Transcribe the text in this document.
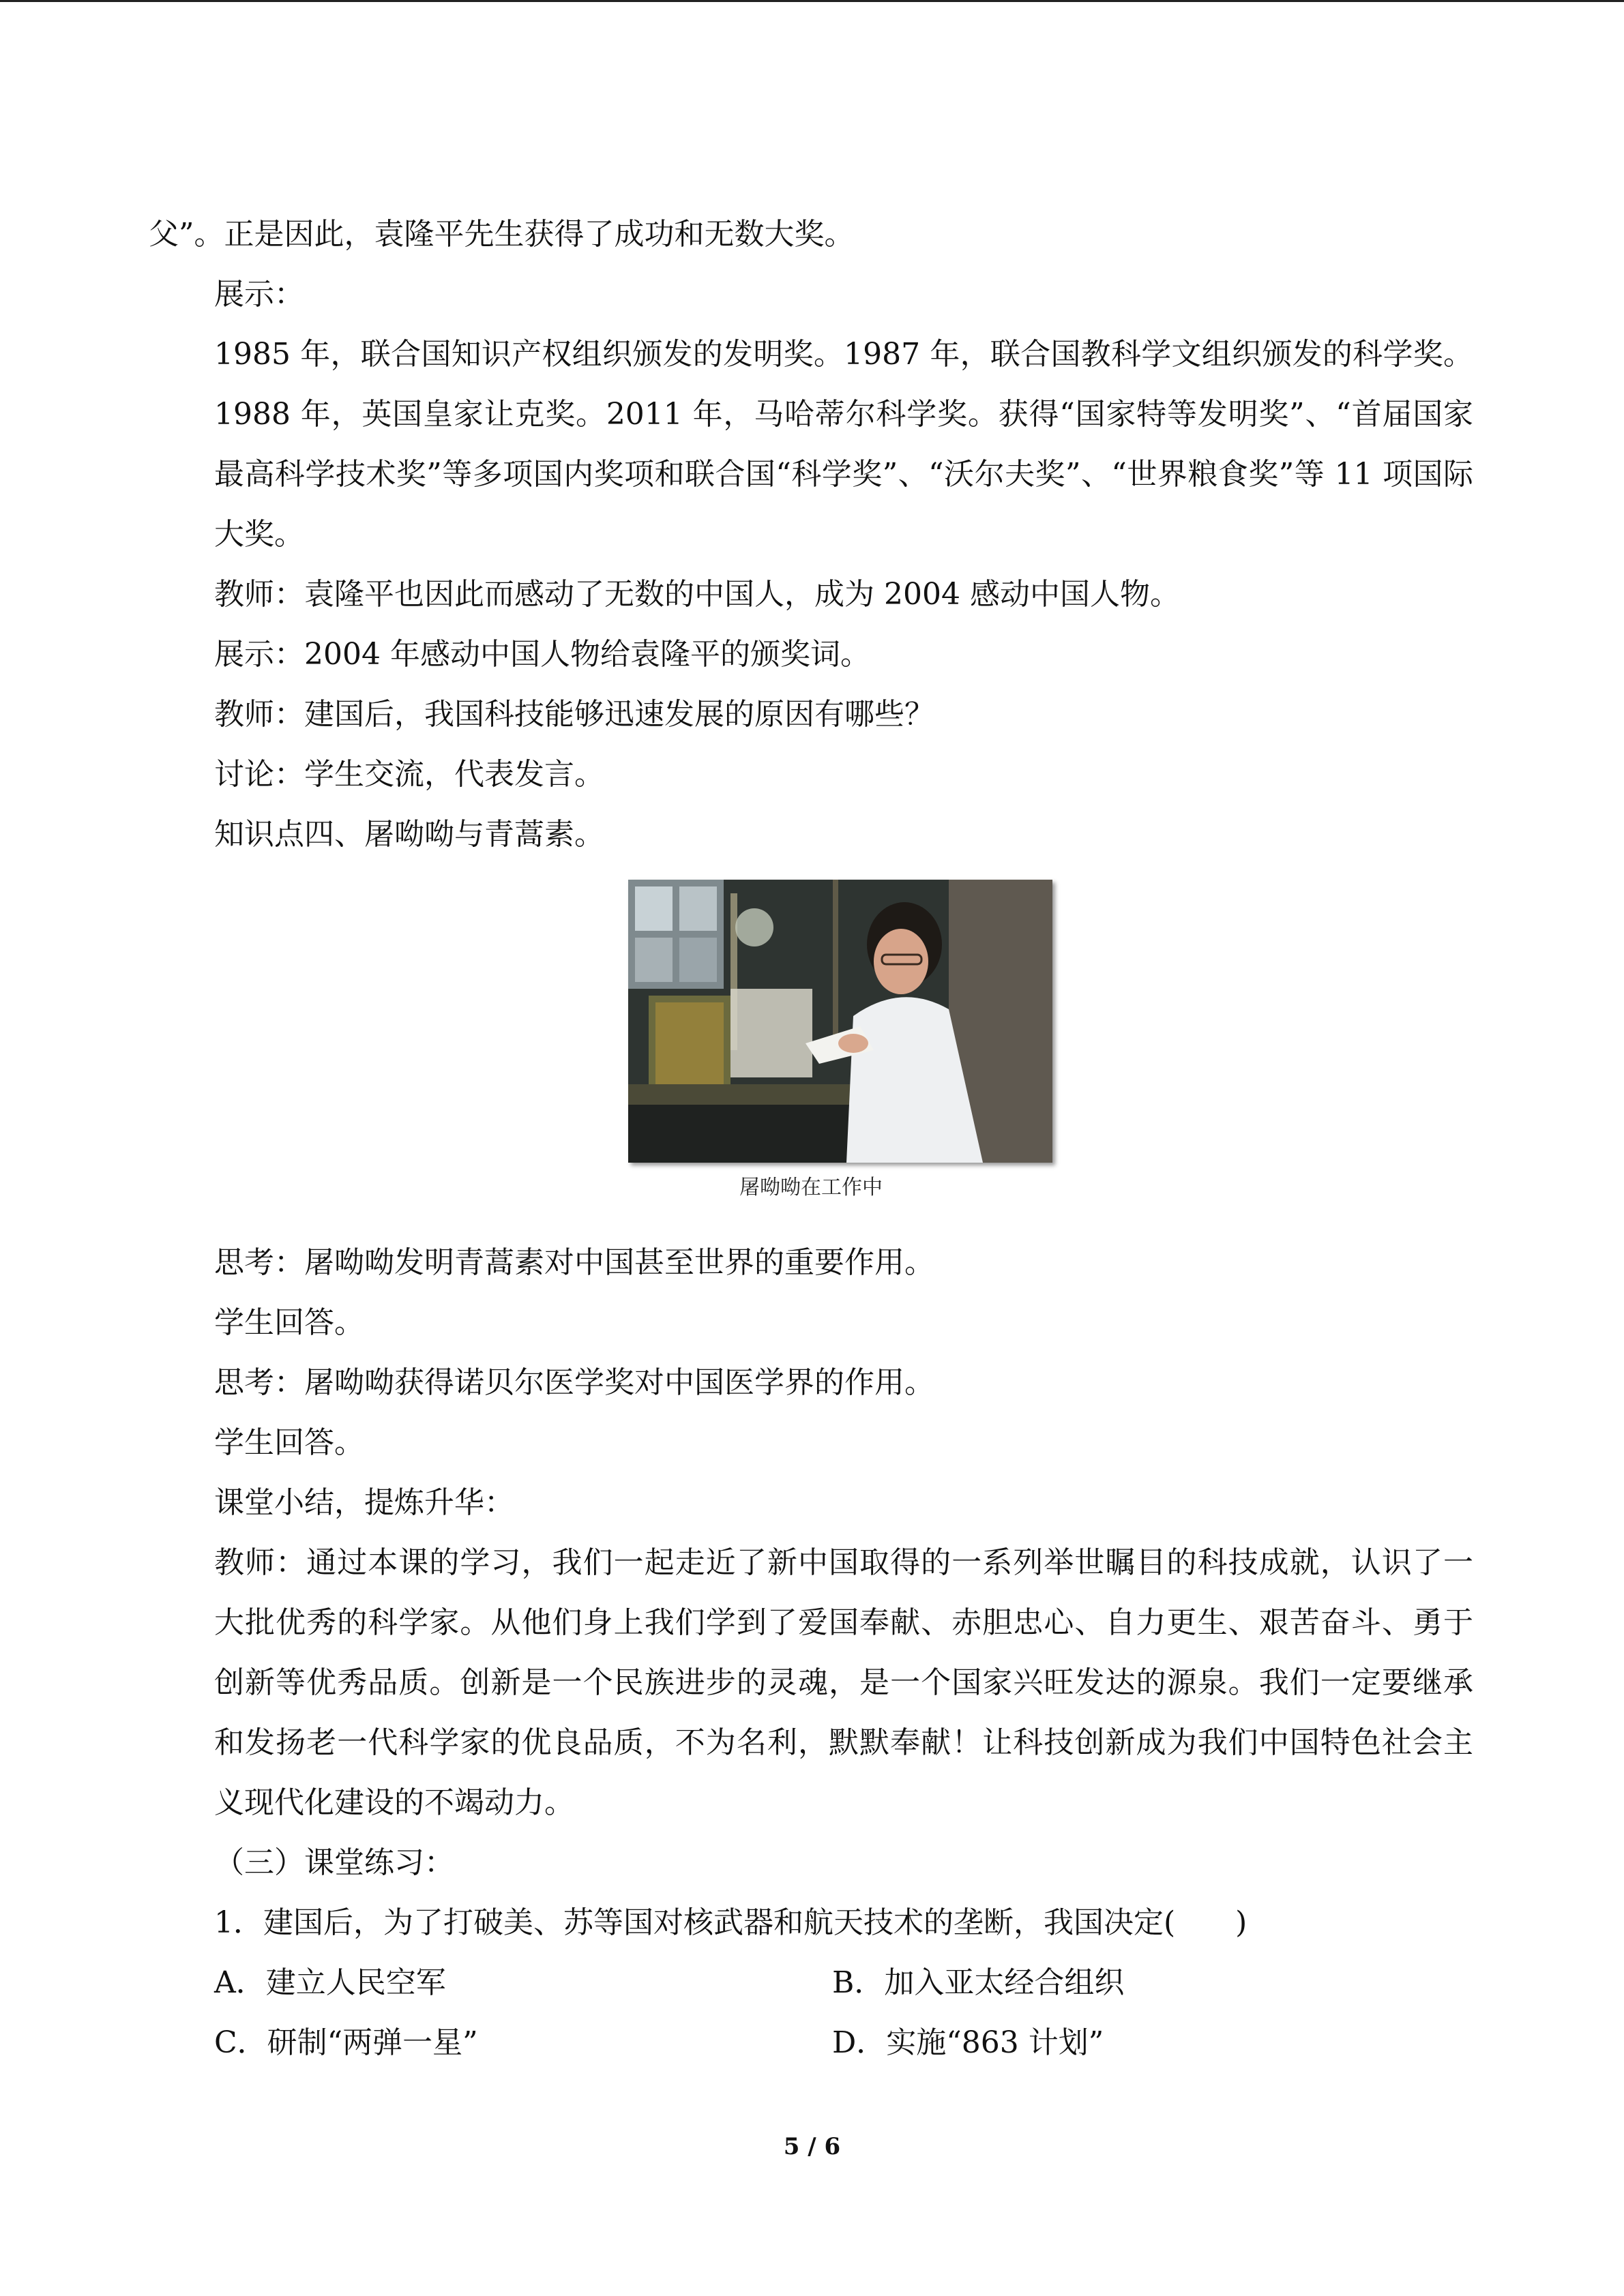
父”。正是因此，袁隆平先生获得了成功和无数大奖。

展示：

1985 年，联合国知识产权组织颁发的发明奖。1987 年，联合国教科学文组织颁发的科学奖。1988 年，英国皇家让克奖。2011 年，马哈蒂尔科学奖。获得“国家特等发明奖”、“首届国家最高科学技术奖”等多项国内奖项和联合国“科学奖”、“沃尔夫奖”、“世界粮食奖”等 11 项国际大奖。

教师：袁隆平也因此而感动了无数的中国人，成为 2004 感动中国人物。

展示：2004 年感动中国人物给袁隆平的颁奖词。

教师：建国后，我国科技能够迅速发展的原因有哪些？

讨论：学生交流，代表发言。

知识点四、屠呦呦与青蒿素。

屠呦呦在工作中

思考：屠呦呦发明青蒿素对中国甚至世界的重要作用。

学生回答。

思考：屠呦呦获得诺贝尔医学奖对中国医学界的作用。

学生回答。

课堂小结，提炼升华：

教师：通过本课的学习，我们一起走近了新中国取得的一系列举世瞩目的科技成就，认识了一大批优秀的科学家。从他们身上我们学到了爱国奉献、赤胆忠心、自力更生、艰苦奋斗、勇于创新等优秀品质。创新是一个民族进步的灵魂，是一个国家兴旺发达的源泉。我们一定要继承和发扬老一代科学家的优良品质，不为名利，默默奉献！让科技创新成为我们中国特色社会主义现代化建设的不竭动力。

（三）课堂练习：

1．建国后，为了打破美、苏等国对核武器和航天技术的垄断，我国决定(　　)

A．建立人民空军	B．加入亚太经合组织
C．研制“两弹一星”	D．实施“863 计划”
5 / 6
